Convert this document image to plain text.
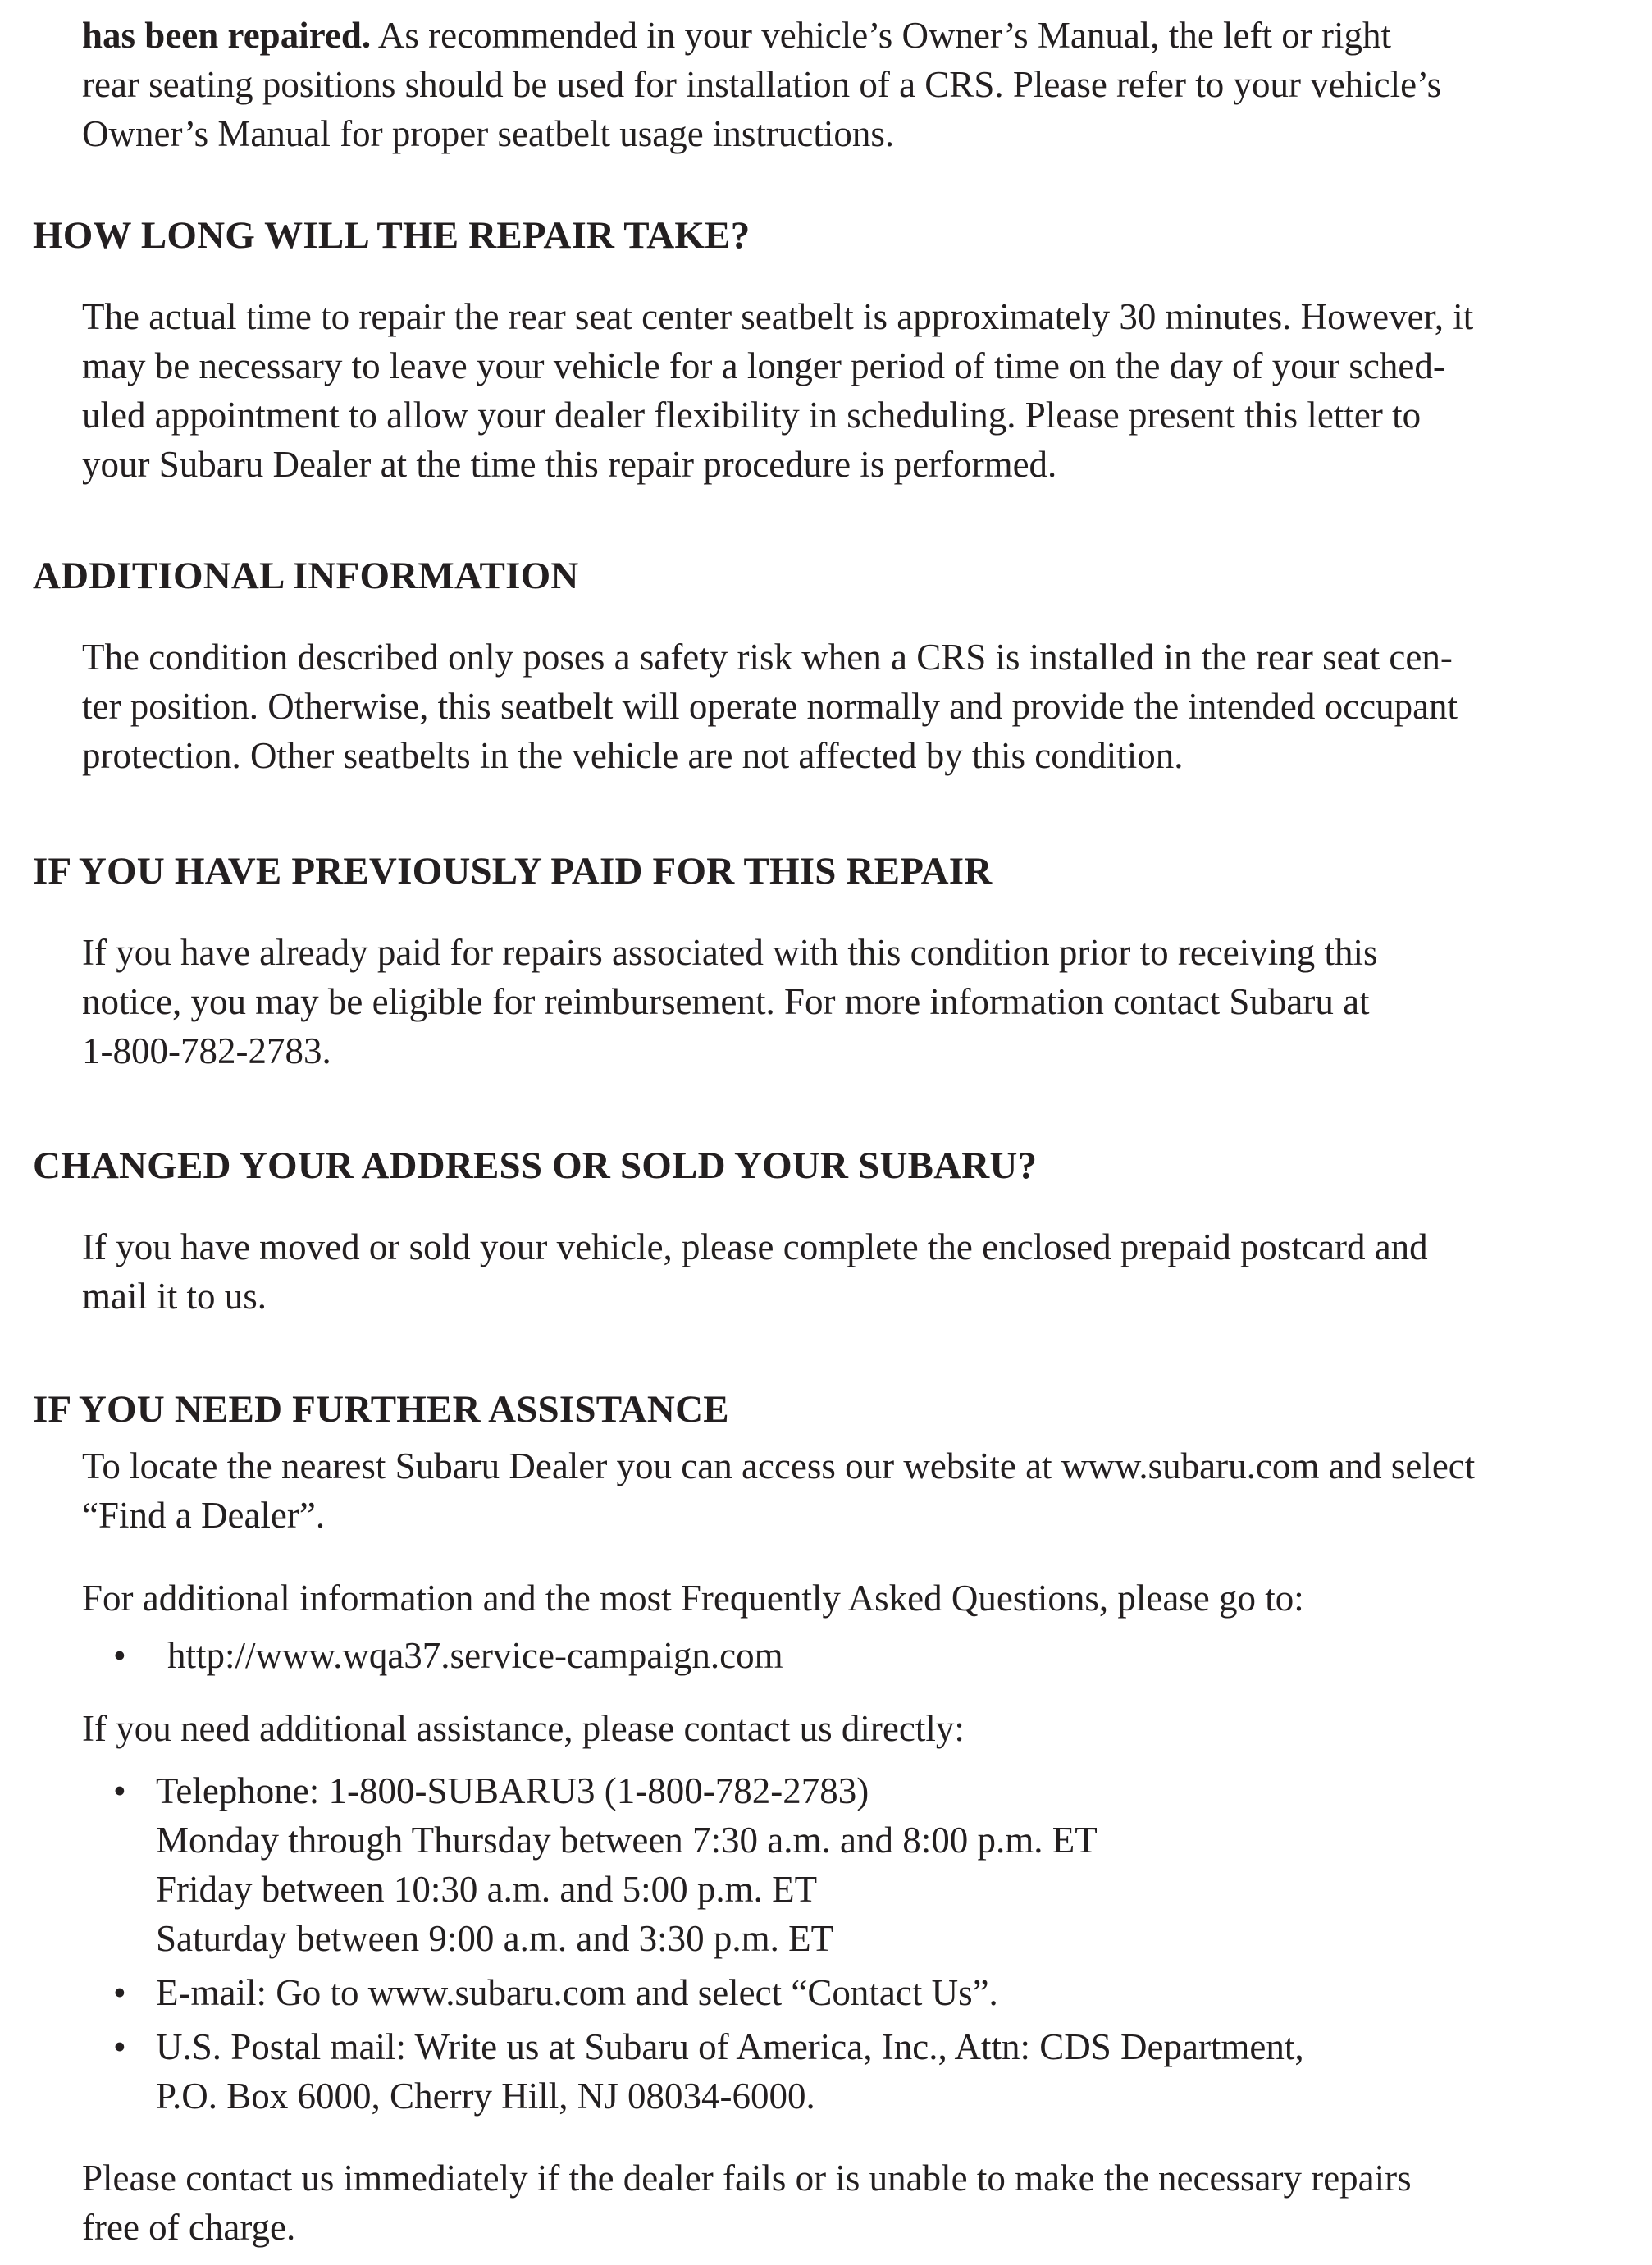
has been repaired. As recommended in your vehicle’s Owner’s Manual, the left or right
rear seating positions should be used for installation of a CRS. Please refer to your vehicle’s
Owner’s Manual for proper seatbelt usage instructions.

HOW LONG WILL THE REPAIR TAKE?

The actual time to repair the rear seat center seatbelt is approximately 30 minutes. However, it
may be necessary to leave your vehicle for a longer period of time on the day of your sched-
uled appointment to allow your dealer flexibility in scheduling. Please present this letter to
your Subaru Dealer at the time this repair procedure is performed.

ADDITIONAL INFORMATION

The condition described only poses a safety risk when a CRS is installed in the rear seat cen-
ter position. Otherwise, this seatbelt will operate normally and provide the intended occupant
protection. Other seatbelts in the vehicle are not affected by this condition.

IF YOU HAVE PREVIOUSLY PAID FOR THIS REPAIR

If you have already paid for repairs associated with this condition prior to receiving this
notice, you may be eligible for reimbursement. For more information contact Subaru at
1-800-782-2783.

CHANGED YOUR ADDRESS OR SOLD YOUR SUBARU?

If you have moved or sold your vehicle, please complete the enclosed prepaid postcard and
mail it to us.

IF YOU NEED FURTHER ASSISTANCE

To locate the nearest Subaru Dealer you can access our website at www.subaru.com and select
“Find a Dealer”.

For additional information and the most Frequently Asked Questions, please go to:

• http://www.wqa37.service-campaign.com

If you need additional assistance, please contact us directly:

• Telephone: 1-800-SUBARU3 (1-800-782-2783)
Monday through Thursday between 7:30 a.m. and 8:00 p.m. ET
Friday between 10:30 a.m. and 5:00 p.m. ET
Saturday between 9:00 a.m. and 3:30 p.m. ET
• E-mail: Go to www.subaru.com and select “Contact Us”.
• U.S. Postal mail: Write us at Subaru of America, Inc., Attn: CDS Department,
P.O. Box 6000, Cherry Hill, NJ 08034-6000.

Please contact us immediately if the dealer fails or is unable to make the necessary repairs
free of charge.
